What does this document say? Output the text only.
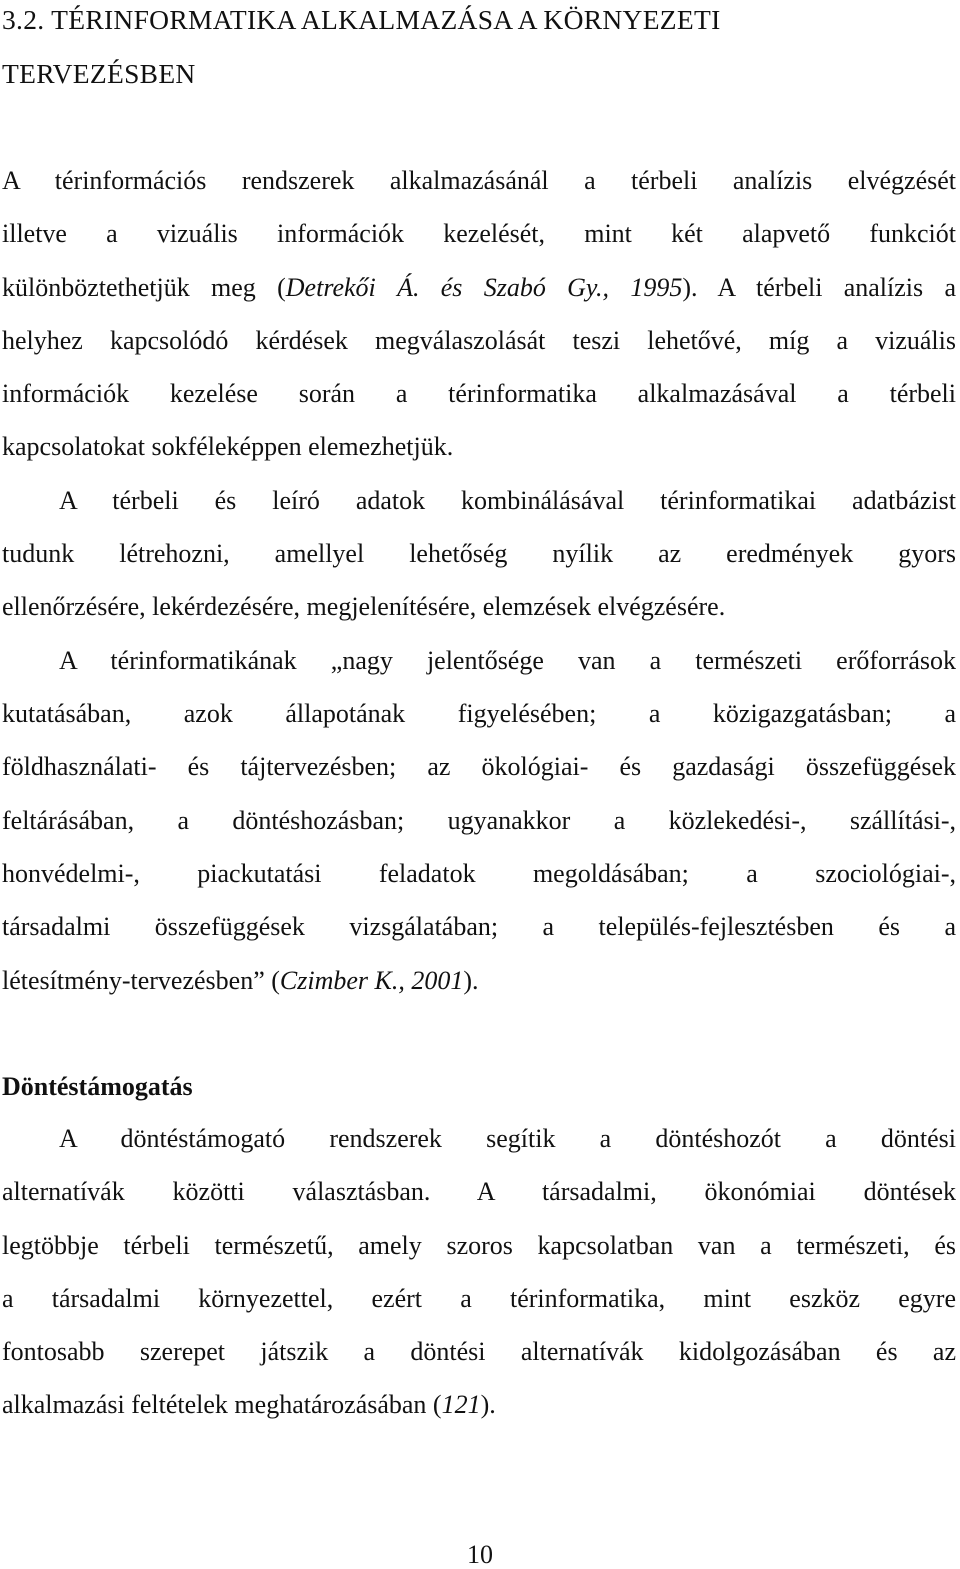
3.2. TÉRINFORMATIKA ALKALMAZÁSA A KÖRNYEZETI
TERVEZÉSBEN
A térinformációs rendszerek alkalmazásánál a térbeli analízis elvégzését
illetve a vizuális információk kezelését, mint két alapvető funkciót
különböztethetjük meg (Detrekői Á. és Szabó Gy., 1995). A térbeli analízis a
helyhez kapcsolódó kérdések megválaszolását teszi lehetővé, míg a vizuális
információk kezelése során a térinformatika alkalmazásával a térbeli
kapcsolatokat sokféleképpen elemezhetjük.
A térbeli és leíró adatok kombinálásával térinformatikai adatbázist
tudunk létrehozni, amellyel lehetőség nyílik az eredmények gyors
ellenőrzésére, lekérdezésére, megjelenítésére, elemzések elvégzésére.
A térinformatikának „nagy jelentősége van a természeti erőforrások
kutatásában, azok állapotának figyelésében; a közigazgatásban; a
földhasználati- és tájtervezésben; az ökológiai- és gazdasági összefüggések
feltárásában, a döntéshozásban; ugyanakkor a közlekedési-, szállítási-,
honvédelmi-, piackutatási feladatok megoldásában; a szociológiai-,
társadalmi összefüggések vizsgálatában; a település-fejlesztésben és a
létesítmény-tervezésben” (Czimber K., 2001).
Döntéstámogatás
A döntéstámogató rendszerek segítik a döntéshozót a döntési
alternatívák közötti választásban. A társadalmi, ökonómiai döntések
legtöbbje térbeli természetű, amely szoros kapcsolatban van a természeti, és
a társadalmi környezettel, ezért a térinformatika, mint eszköz egyre
fontosabb szerepet játszik a döntési alternatívák kidolgozásában és az
alkalmazási feltételek meghatározásában (121).
10
